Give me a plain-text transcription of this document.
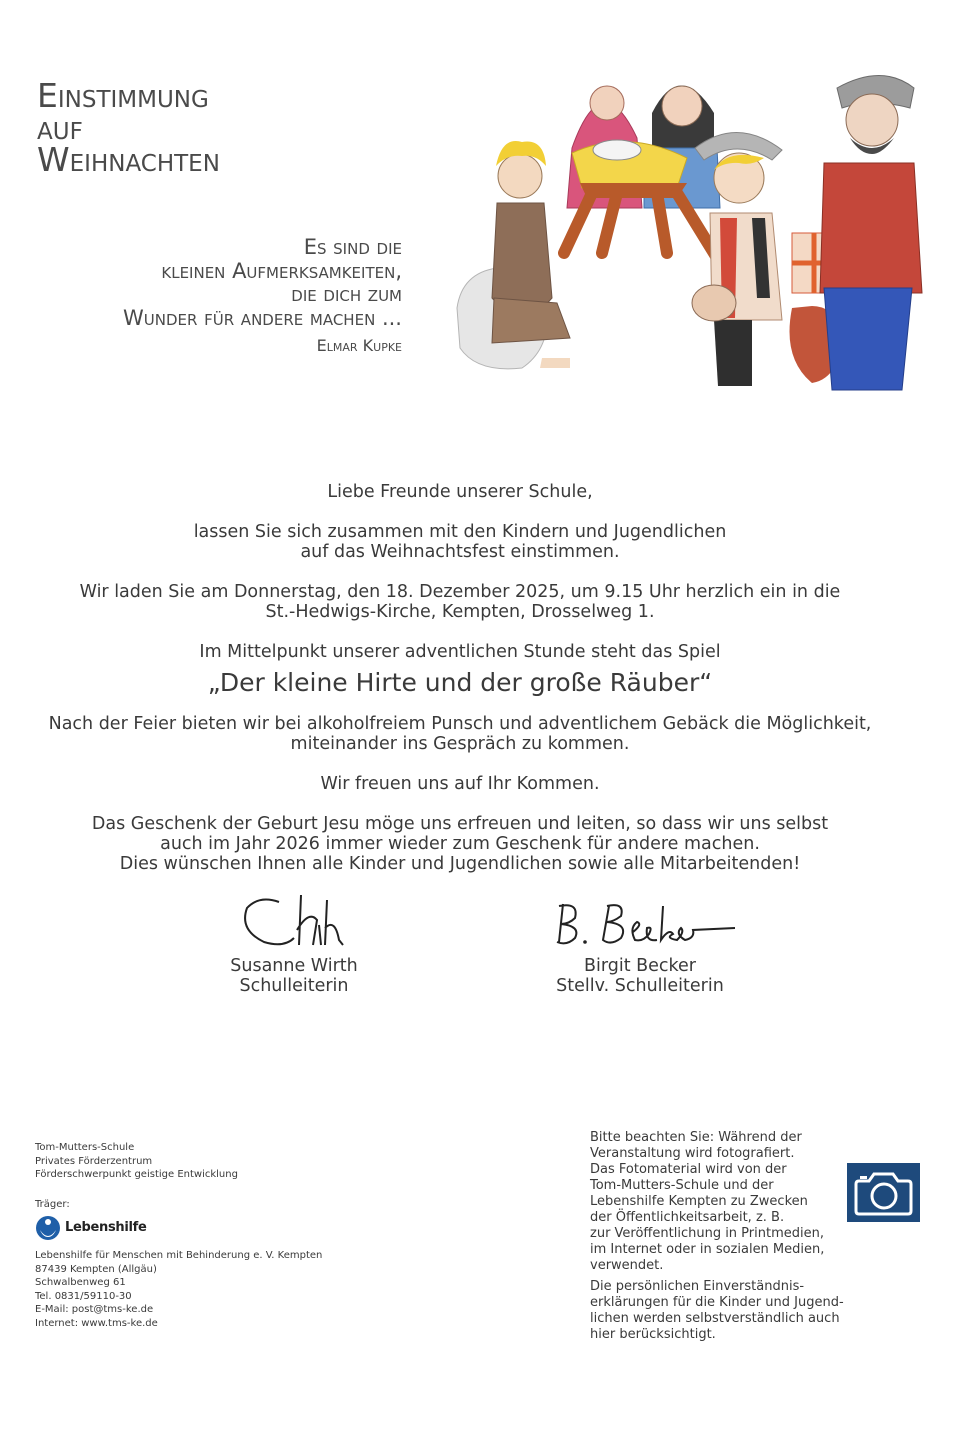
Einstimmung
auf
Weihnachten
Es sind die
kleinen Aufmerksamkeiten,
die dich zum
Wunder für andere machen ...
Elmar Kupke

Liebe Freunde unserer Schule,

lassen Sie sich zusammen mit den Kindern und Jugendlichen
auf das Weihnachtsfest einstimmen.

Wir laden Sie am Donnerstag, den 18. Dezember 2025, um 9.15 Uhr herzlich ein in die
St.-Hedwigs-Kirche, Kempten, Drosselweg 1.

Im Mittelpunkt unserer adventlichen Stunde steht das Spiel

„Der kleine Hirte und der große Räuber“

Nach der Feier bieten wir bei alkoholfreiem Punsch und adventlichem Gebäck die Möglichkeit,
miteinander ins Gespräch zu kommen.

Wir freuen uns auf Ihr Kommen.

Das Geschenk der Geburt Jesu möge uns erfreuen und leiten, so dass wir uns selbst
auch im Jahr 2026 immer wieder zum Geschenk für andere machen.
Dies wünschen Ihnen alle Kinder und Jugendlichen sowie alle Mitarbeitenden!

Susanne Wirth
Schulleiterin
Birgit Becker
Stellv. Schulleiterin
Tom-Mutters-Schule
Privates Förderzentrum
Förderschwerpunkt geistige Entwicklung
Träger:
Lebenshilfe
Lebenshilfe für Menschen mit Behinderung e. V. Kempten
87439 Kempten (Allgäu)
Schwalbenweg 61
Tel. 0831/59110-30
E-Mail: post@tms-ke.de
Internet: www.tms-ke.de

Bitte beachten Sie: Während der
Veranstaltung wird fotografiert.
Das Fotomaterial wird von der
Tom-Mutters-Schule und der
Lebenshilfe Kempten zu Zwecken
der Öffentlichkeitsarbeit, z. B.
zur Veröffentlichung in Printmedien,
im Internet oder in sozialen Medien,
verwendet.

Die persönlichen Einverständnis-
erklärungen für die Kinder und Jugend-
lichen werden selbstverständlich auch
hier berücksichtigt.
